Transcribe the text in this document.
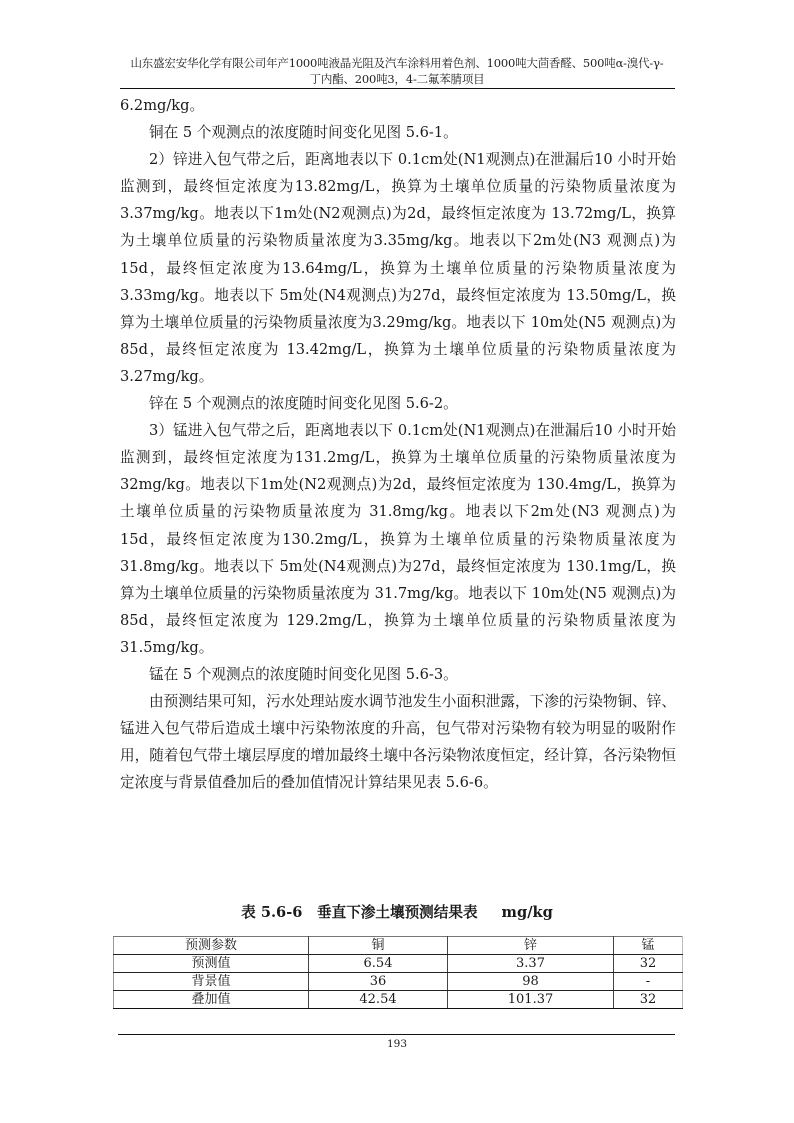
山东盛宏安华化学有限公司年产1000吨液晶光阻及汽车涂料用着色剂、1000吨大茴香醛、500吨α-溴代-γ-
丁内酯、200吨3，4-二氟苯腈项目

6.2mg/kg。

铜在 5 个观测点的浓度随时间变化见图 5.6-1。

2）锌进入包气带之后，距离地表以下 0.1cm处(N1观测点)在泄漏后10 小时开始监测到，最终恒定浓度为13.82mg/L，换算为土壤单位质量的污染物质量浓度为 3.37mg/kg。地表以下1m处(N2观测点)为2d，最终恒定浓度为 13.72mg/L，换算为土壤单位质量的污染物质量浓度为3.35mg/kg。地表以下2m处(N3 观测点)为15d，最终恒定浓度为13.64mg/L，换算为土壤单位质量的污染物质量浓度为3.33mg/kg。地表以下 5m处(N4观测点)为27d，最终恒定浓度为 13.50mg/L，换算为土壤单位质量的污染物质量浓度为3.29mg/kg。地表以下 10m处(N5 观测点)为85d，最终恒定浓度为 13.42mg/L，换算为土壤单位质量的污染物质量浓度为3.27mg/kg。

锌在 5 个观测点的浓度随时间变化见图 5.6-2。

3）锰进入包气带之后，距离地表以下 0.1cm处(N1观测点)在泄漏后10 小时开始监测到，最终恒定浓度为131.2mg/L，换算为土壤单位质量的污染物质量浓度为 32mg/kg。地表以下1m处(N2观测点)为2d，最终恒定浓度为 130.4mg/L，换算为土壤单位质量的污染物质量浓度为 31.8mg/kg。地表以下2m处(N3 观测点)为 15d，最终恒定浓度为130.2mg/L，换算为土壤单位质量的污染物质量浓度为31.8mg/kg。地表以下 5m处(N4观测点)为27d，最终恒定浓度为 130.1mg/L，换算为土壤单位质量的污染物质量浓度为 31.7mg/kg。地表以下 10m处(N5 观测点)为85d，最终恒定浓度为 129.2mg/L，换算为土壤单位质量的污染物质量浓度为31.5mg/kg。

锰在 5 个观测点的浓度随时间变化见图 5.6-3。

由预测结果可知，污水处理站废水调节池发生小面积泄露，下渗的污染物铜、锌、锰进入包气带后造成土壤中污染物浓度的升高，包气带对污染物有较为明显的吸附作用，随着包气带土壤层厚度的增加最终土壤中各污染物浓度恒定，经计算，各污染物恒定浓度与背景值叠加后的叠加值情况计算结果见表 5.6-6。

表 5.6-6　垂直下渗土壤预测结果表 mg/kg
预测参数	铜	锌	锰
预测值	6.54	3.37	32
背景值	36	98	-
叠加值	42.54	101.37	32
193
